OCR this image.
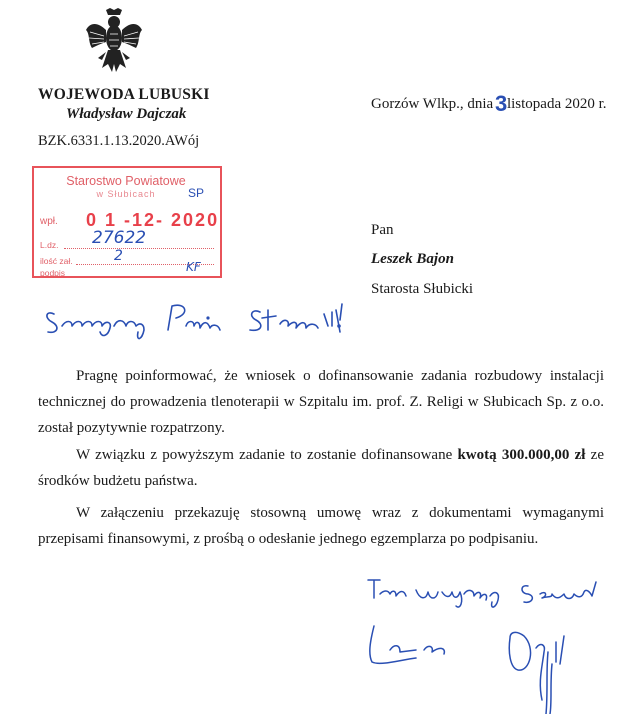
WOJEWODA LUBUSKI
Władysław Dajczak
BZK.6331.1.13.2020.AWój
Gorzów Wlkp., dnia 3 listopada 2020 r.
Starostwo Powiatowe
w Słubicach	SP
wpł. 0 1 -12- 2020
L.dz. 27622
ilość zał.	2
podpis	KF
Pan
Leszek Bajon
Starosta Słubicki
Szanowny Panie Starosto!
Pragnę poinformować, że wniosek o dofinansowanie zadania rozbudowy instalacji technicznej do prowadzenia tlenoterapii w Szpitalu im. prof. Z. Religi w Słubicach Sp. z o.o. został pozytywnie rozpatrzony.
W związku z powyższym zadanie to zostanie dofinansowane kwotą 300.000,00 zł ze środków budżetu państwa.
W załączeniu przekazuję stosowną umowę wraz z dokumentami wymaganymi przepisami finansowymi, z prośbą o odesłanie jednego egzemplarza po podpisaniu.
Łączę wyrazy szacunku
